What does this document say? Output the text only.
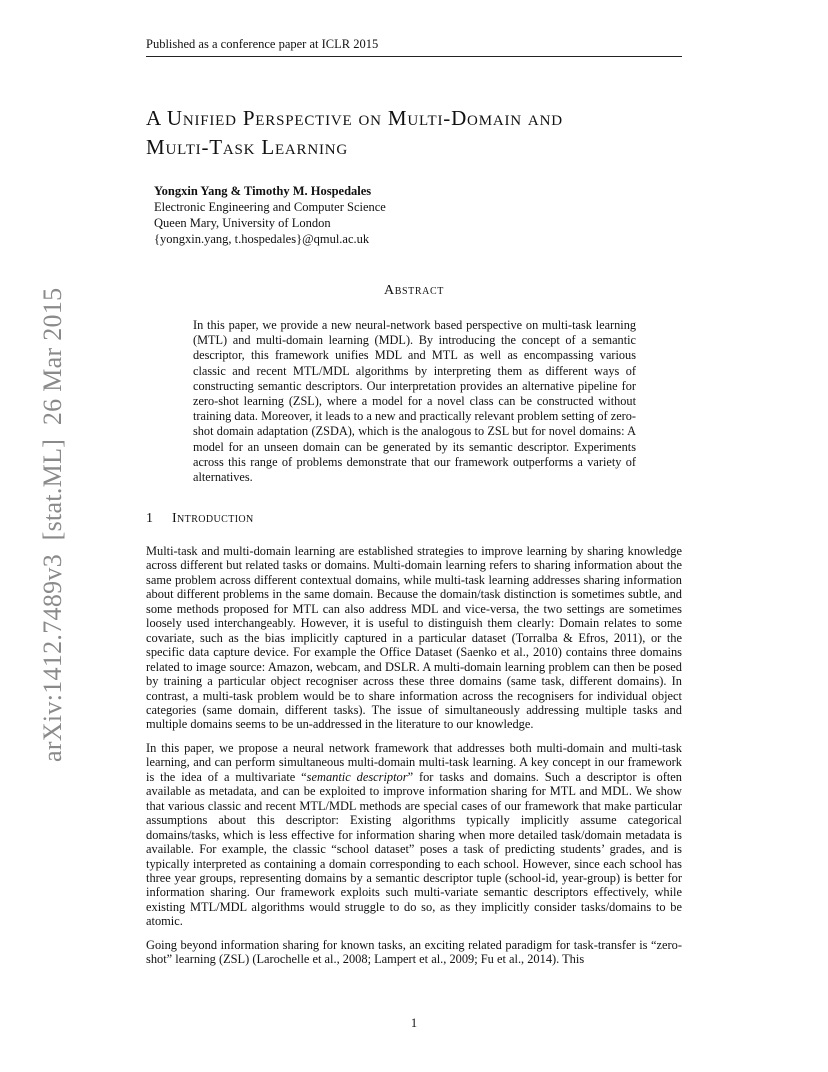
Published as a conference paper at ICLR 2015
A Unified Perspective on Multi-Domain and
Multi-Task Learning
Yongxin Yang & Timothy M. Hospedales
Electronic Engineering and Computer Science
Queen Mary, University of London
{yongxin.yang, t.hospedales}@qmul.ac.uk
Abstract
In this paper, we provide a new neural-network based perspective on multi-task learning (MTL) and multi-domain learning (MDL). By introducing the concept of a semantic descriptor, this framework unifies MDL and MTL as well as encompassing various classic and recent MTL/MDL algorithms by interpreting them as different ways of constructing semantic descriptors. Our interpretation provides an alternative pipeline for zero-shot learning (ZSL), where a model for a novel class can be constructed without training data. Moreover, it leads to a new and practically relevant problem setting of zero-shot domain adaptation (ZSDA), which is the analogous to ZSL but for novel domains: A model for an unseen domain can be generated by its semantic descriptor. Experiments across this range of problems demonstrate that our framework outperforms a variety of alternatives.
1 Introduction

Multi-task and multi-domain learning are established strategies to improve learning by sharing knowledge across different but related tasks or domains. Multi-domain learning refers to sharing information about the same problem across different contextual domains, while multi-task learning addresses sharing information about different problems in the same domain. Because the domain/task distinction is sometimes subtle, and some methods proposed for MTL can also address MDL and vice-versa, the two settings are sometimes loosely used interchangeably. However, it is useful to distinguish them clearly: Domain relates to some covariate, such as the bias implicitly captured in a particular dataset (Torralba & Efros, 2011), or the specific data capture device. For example the Office Dataset (Saenko et al., 2010) contains three domains related to image source: Amazon, webcam, and DSLR. A multi-domain learning problem can then be posed by training a particular object recogniser across these three domains (same task, different domains). In contrast, a multi-task problem would be to share information across the recognisers for individual object categories (same domain, different tasks). The issue of simultaneously addressing multiple tasks and multiple domains seems to be un-addressed in the literature to our knowledge.

In this paper, we propose a neural network framework that addresses both multi-domain and multi-task learning, and can perform simultaneous multi-domain multi-task learning. A key concept in our framework is the idea of a multivariate “semantic descriptor” for tasks and domains. Such a descriptor is often available as metadata, and can be exploited to improve information sharing for MTL and MDL. We show that various classic and recent MTL/MDL methods are special cases of our framework that make particular assumptions about this descriptor: Existing algorithms typically implicitly assume categorical domains/tasks, which is less effective for information sharing when more detailed task/domain metadata is available. For example, the classic “school dataset” poses a task of predicting students’ grades, and is typically interpreted as containing a domain corresponding to each school. However, since each school has three year groups, representing domains by a semantic descriptor tuple (school-id, year-group) is better for information sharing. Our framework exploits such multi-variate semantic descriptors effectively, while existing MTL/MDL algorithms would struggle to do so, as they implicitly consider tasks/domains to be atomic.

Going beyond information sharing for known tasks, an exciting related paradigm for task-transfer is “zero-shot” learning (ZSL) (Larochelle et al., 2008; Lampert et al., 2009; Fu et al., 2014). This

1
arXiv:1412.7489v3  [stat.ML]  26 Mar 2015
